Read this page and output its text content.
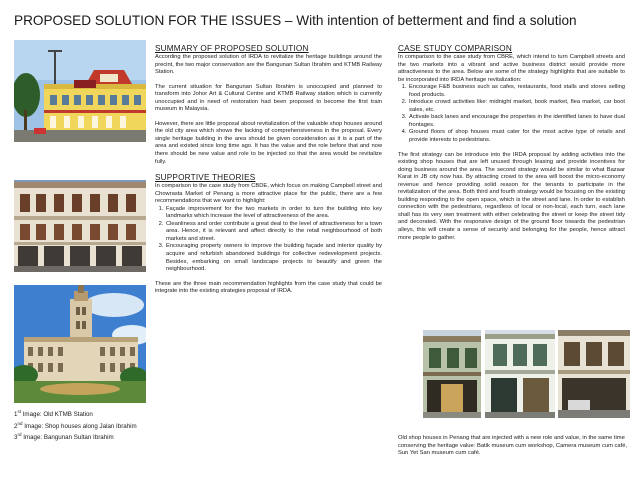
PROPOSED SOLUTION FOR THE ISSUES – With intention of betterment and find a solution
1st Image: Old KTMB Station
2nd Image: Shop houses along Jalan Ibrahim
3rd Image: Bangunan Sultan Ibrahim
SUMMARY OF PROPOSED SOLUTION

According the proposed solution of IRDA to revitalize the heritage buildings around the precint, the two major conservation are the Bangunan Sultan Ibrahim and KTMB Railway Station.

The current situation for Bangunan Sultan Ibrahim is unoccupied and planned to transform into Johor Art & Cultural Centre and KTMB Railway station which is currently unoccupied and in need of restoration had been proposed to become the first train museum in Malaysia.

However, there are little proposal about revitalization of the valuable shop houses around the old city area which shows the lacking of comprehensiveness in the proposal. Every single heritage building in the area should be given consideration as it is a part of the area and existed since long time ago. It has the value and the role before that and now there should be new value and role to be injected so that the area would be revitalize fully.

SUPPORTIVE THEORIES

In comparison to the case study from CBDE, which focus on making Campbell street and Chowrasta Market of Penang a more attractive place for the public, there are a few recommendations that we want to highlight:

1. Façade improvement for the two markets in order to turn the building into key landmarks which increase the level of attractiveness of the area.
2. Cleanliness and order contribute a great deal to the level of attractiveness for a town area. Hence, it is relevant and affect directly to the retail neighbourhood of both markets and street.
3. Encouraging property owners to improve the building façade and interior quality by acquire and refurbish abandoned buildings for collective redevelopment projects. Besides, embarking on small landscape projects to beautify and green the neighbourhood.

These are the three main recommendation highlights from the case study that could be integrate into the existing strategies proposal of IRDA.

CASE STUDY COMPARISON

In comparison to the case study from CBRE, which intend to turn Campbell streets and the two markets into a vibrant and active business district would provide more attractiveness to the area. Below are some of the strategy highlights that are suitable to be incorporated into IRDA heritage revitalization:

1. Encourage F&B business such as cafes, restaurants, food stalls and stores selling food products.
2. Introduce crowd activities like: midnight market, book market, flea market, car boot sales, etc.
3. Activate back lanes and encourage the properties in the identified lanes to have dual frontages.
4. Ground floors of shop houses must cater for the most active type of retails and provide interests to pedestrians.

The first strategy can be introduce into the IRDA proposal by adding activities into the existing shop houses that are left unused through leasing and provide incentives for doing business around the area. The second strategy would be similar to what Bazaar Karat in JB city now has. By attracting crowd to the area will boost the micro-economy revenue and hence providing solid reason for the tenants to participate in the revitalization of the area. Both third and fourth strategy would be focusing on the existing building responding to the open space, which is the street and lane. In order to establish connection with the pedestrians, regardless of local or non-local, each turn, each lane shall has its very own treatment with either celebrating the street or keep the street tidy and decorated. With the responsive design of the ground floor towards the pedestrian alleys, this will create a sense of security and belonging for the people, hence attract more people to gather.

Old shop houses in Penang that are injected with a new role and value, in the same time conserving the heritage value: Batik museum cum workshop, Camera museum cum café, Sun Yet San museum cum café.
